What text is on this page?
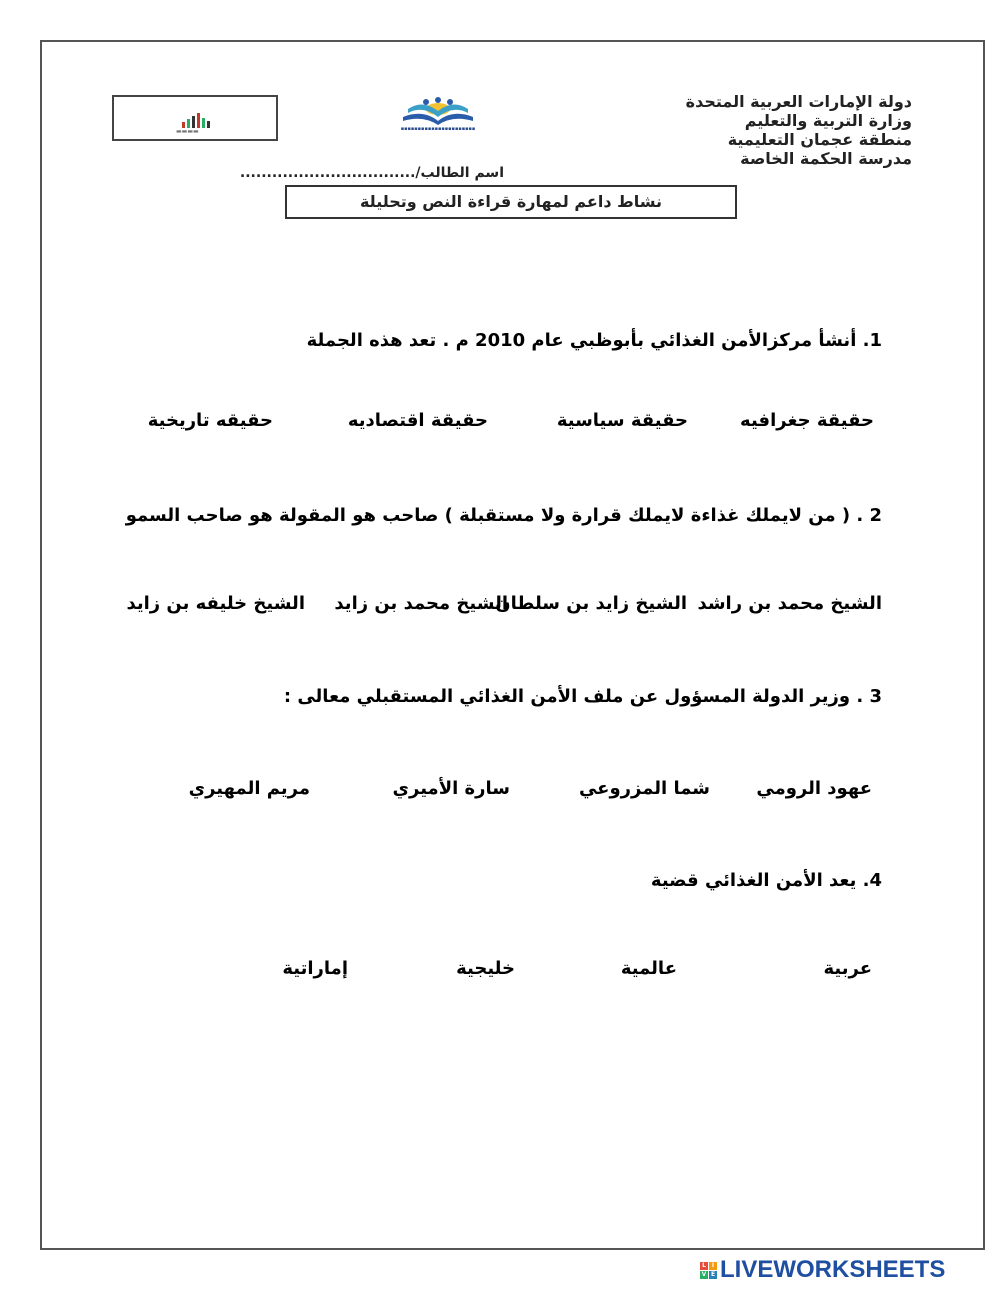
▬▬▬▬	▪▪▪▪▪▪▪▪▪▪▪▪▪▪▪▪▪▪▪▪▪▪
دولة الإمارات العربية المتحدة
وزارة التربية والتعليم
منطقة عجمان التعليمية
مدرسة الحكمة الخاصة
اسم الطالب/.................................
نشاط داعم لمهارة قراءة النص وتحليلة
1. أنشأ مركزالأمن الغذائي بأبوظبي عام 2010 م . تعد هذه الجملة
حقيقة جغرافيه
حقيقة سياسية
حقيقة اقتصاديه
حقيقه تاريخية
2 . ( من لايملك غذاءة لايملك قرارة ولا مستقبلة ) صاحب هو المقولة هو صاحب السمو
الشيخ محمد بن راشد
الشيخ زايد بن سلطان
الشيخ محمد بن زايد
الشيخ خليفه بن زايد
3 . وزير الدولة المسؤول عن ملف الأمن الغذائي المستقبلي معالى :
عهود الرومي
شما المزروعي
سارة الأميري
مريم المهيري
4. يعد الأمن الغذائي قضية
عربية
عالمية
خليجية
إماراتية
L I
V E LIVEWORKSHEETS
